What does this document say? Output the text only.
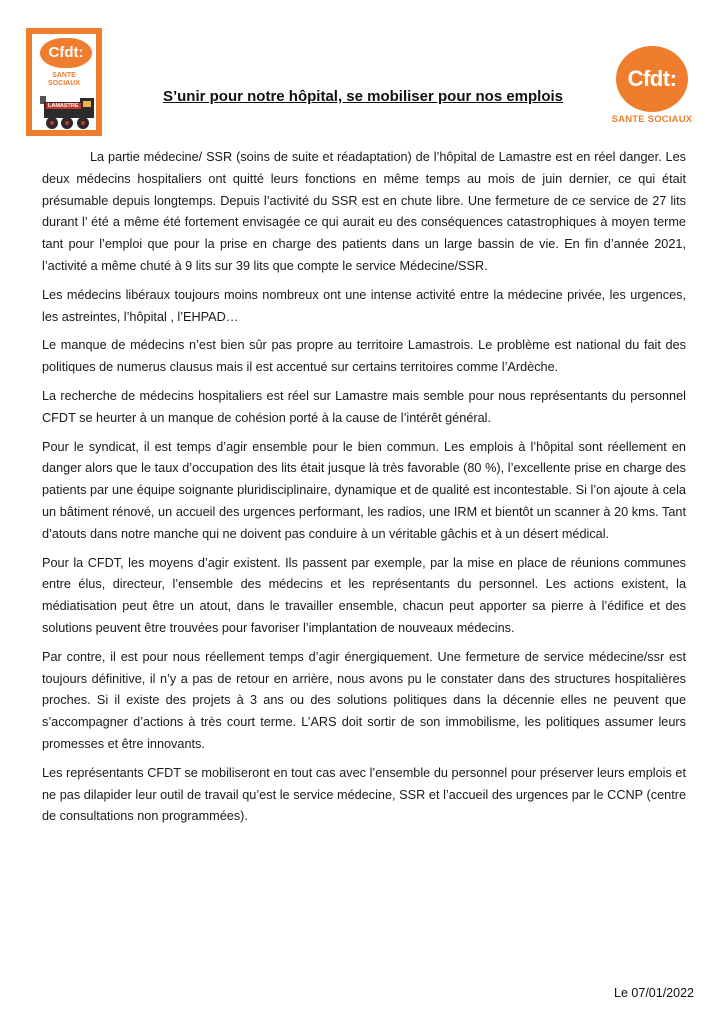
Cfdt:
SANTE
SOCIAUX
LAMASTRE
Cfdt:
SANTE SOCIAUX
S’unir pour notre hôpital, se mobiliser pour nos emplois

La partie médecine/ SSR (soins de suite et réadaptation) de l’hôpital de Lamastre est en réel danger. Les deux médecins hospitaliers ont quitté leurs fonctions en même temps au mois de juin dernier, ce qui était présumable depuis longtemps. Depuis l’activité du SSR est en chute libre. Une fermeture de ce service de 27 lits durant l’ été a même été fortement envisagée ce qui aurait eu des conséquences catastrophiques à moyen terme tant pour l’emploi que pour la prise en charge des patients dans un large bassin de vie. En fin d’année 2021, l’activité a même chuté à 9 lits sur 39 lits que compte le service Médecine/SSR.

Les médecins libéraux toujours moins nombreux ont une intense activité entre la médecine privée, les urgences, les astreintes, l’hôpital , l’EHPAD…

Le manque de médecins n’est bien sûr pas propre au territoire Lamastrois. Le problème est national du fait des politiques de numerus clausus mais il est accentué sur certains territoires comme l’Ardèche.

La recherche de médecins hospitaliers est réel sur Lamastre mais semble pour nous représentants du personnel CFDT se heurter à un manque de cohésion porté à la cause de l’intérêt général.

Pour le syndicat, il est temps d’agir ensemble pour le bien commun. Les emplois à l’hôpital sont réellement en danger alors que le taux d’occupation des lits était jusque là très favorable (80 %), l’excellente prise en charge des patients par une équipe soignante pluridisciplinaire, dynamique et de qualité est incontestable. Si l’on ajoute à cela un bâtiment rénové, un accueil des urgences performant, les radios, une IRM et bientôt un scanner à 20 kms. Tant d’atouts dans notre manche qui ne doivent pas conduire à un véritable gâchis et à un désert médical.

Pour la CFDT, les moyens d’agir existent. Ils passent par exemple, par la mise en place de réunions communes entre élus, directeur, l’ensemble des médecins et les représentants du personnel. Les actions existent, la médiatisation peut être un atout, dans le travailler ensemble, chacun peut apporter sa pierre à l’édifice et des solutions peuvent être trouvées pour favoriser l’implantation de nouveaux médecins.

Par contre, il est pour nous réellement temps d’agir énergiquement. Une fermeture de service médecine/ssr est toujours définitive, il n’y a pas de retour en arrière, nous avons pu le constater dans des structures hospitalières proches. Si il existe des projets à 3 ans ou des solutions politiques dans la décennie elles ne peuvent que s’accompagner d’actions à très court terme. L’ARS doit sortir de son immobilisme, les politiques assumer leurs promesses et être innovants.

Les représentants CFDT se mobiliseront en tout cas avec l’ensemble du personnel pour préserver leurs emplois et ne pas dilapider leur outil de travail qu’est le service médecine, SSR et l’accueil des urgences par le CCNP (centre de consultations non programmées).

Le 07/01/2022
